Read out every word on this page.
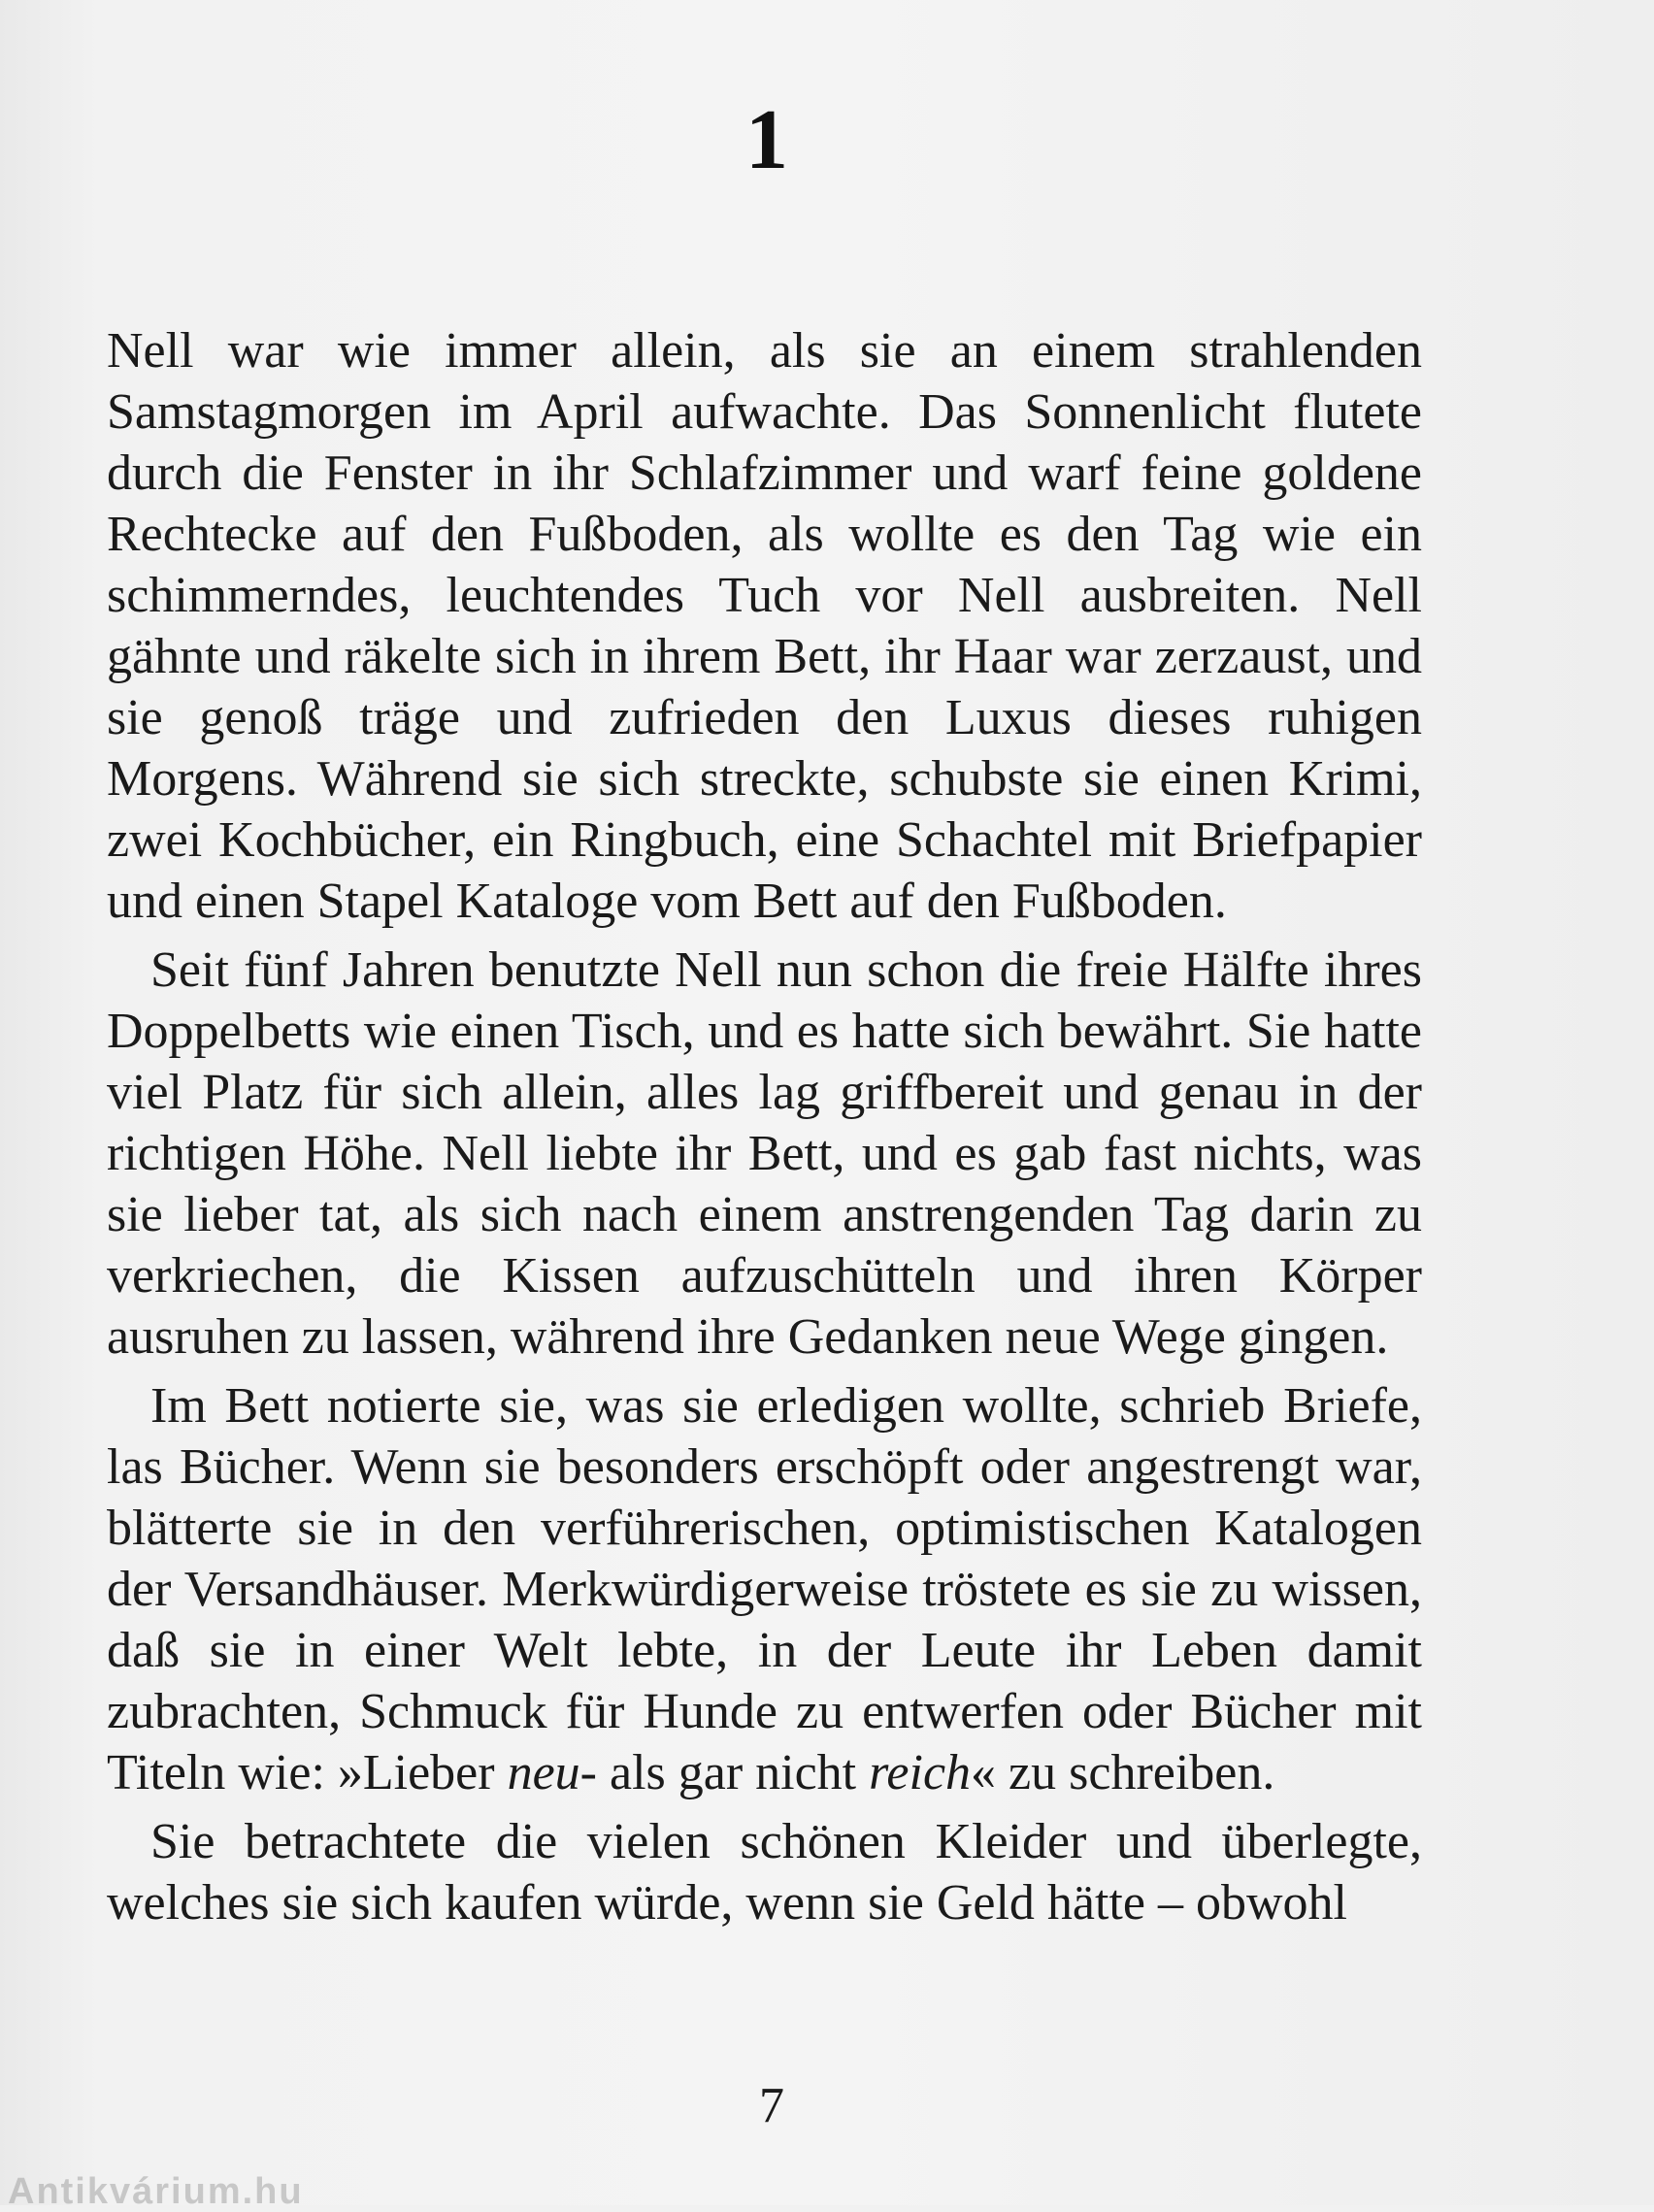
1

Nell war wie immer allein, als sie an einem strahlenden Samstagmorgen im April aufwachte. Das Sonnenlicht flutete durch die Fenster in ihr Schlafzimmer und warf feine goldene Rechtecke auf den Fußboden, als wollte es den Tag wie ein schimmerndes, leuchtendes Tuch vor Nell ausbreiten. Nell gähnte und räkelte sich in ihrem Bett, ihr Haar war zerzaust, und sie genoß träge und zufrieden den Luxus dieses ruhigen Morgens. Während sie sich streckte, schubste sie einen Krimi, zwei Kochbücher, ein Ringbuch, eine Schachtel mit Briefpapier und einen Stapel Kataloge vom Bett auf den Fußboden.

Seit fünf Jahren benutzte Nell nun schon die freie Hälfte ihres Doppelbetts wie einen Tisch, und es hatte sich bewährt. Sie hatte viel Platz für sich allein, alles lag griffbereit und genau in der richtigen Höhe. Nell liebte ihr Bett, und es gab fast nichts, was sie lieber tat, als sich nach einem anstrengenden Tag darin zu verkriechen, die Kissen aufzuschütteln und ihren Körper ausruhen zu lassen, während ihre Gedanken neue Wege gingen.

Im Bett notierte sie, was sie erledigen wollte, schrieb Briefe, las Bücher. Wenn sie besonders erschöpft oder angestrengt war, blätterte sie in den verführerischen, optimistischen Katalogen der Versandhäuser. Merkwürdigerweise tröstete es sie zu wissen, daß sie in einer Welt lebte, in der Leute ihr Leben damit zubrachten, Schmuck für Hunde zu entwerfen oder Bücher mit Titeln wie: »Lieber neu- als gar nicht reich« zu schreiben.

Sie betrachtete die vielen schönen Kleider und überlegte, welches sie sich kaufen würde, wenn sie Geld hätte – obwohl

7
Antikvárium.hu
